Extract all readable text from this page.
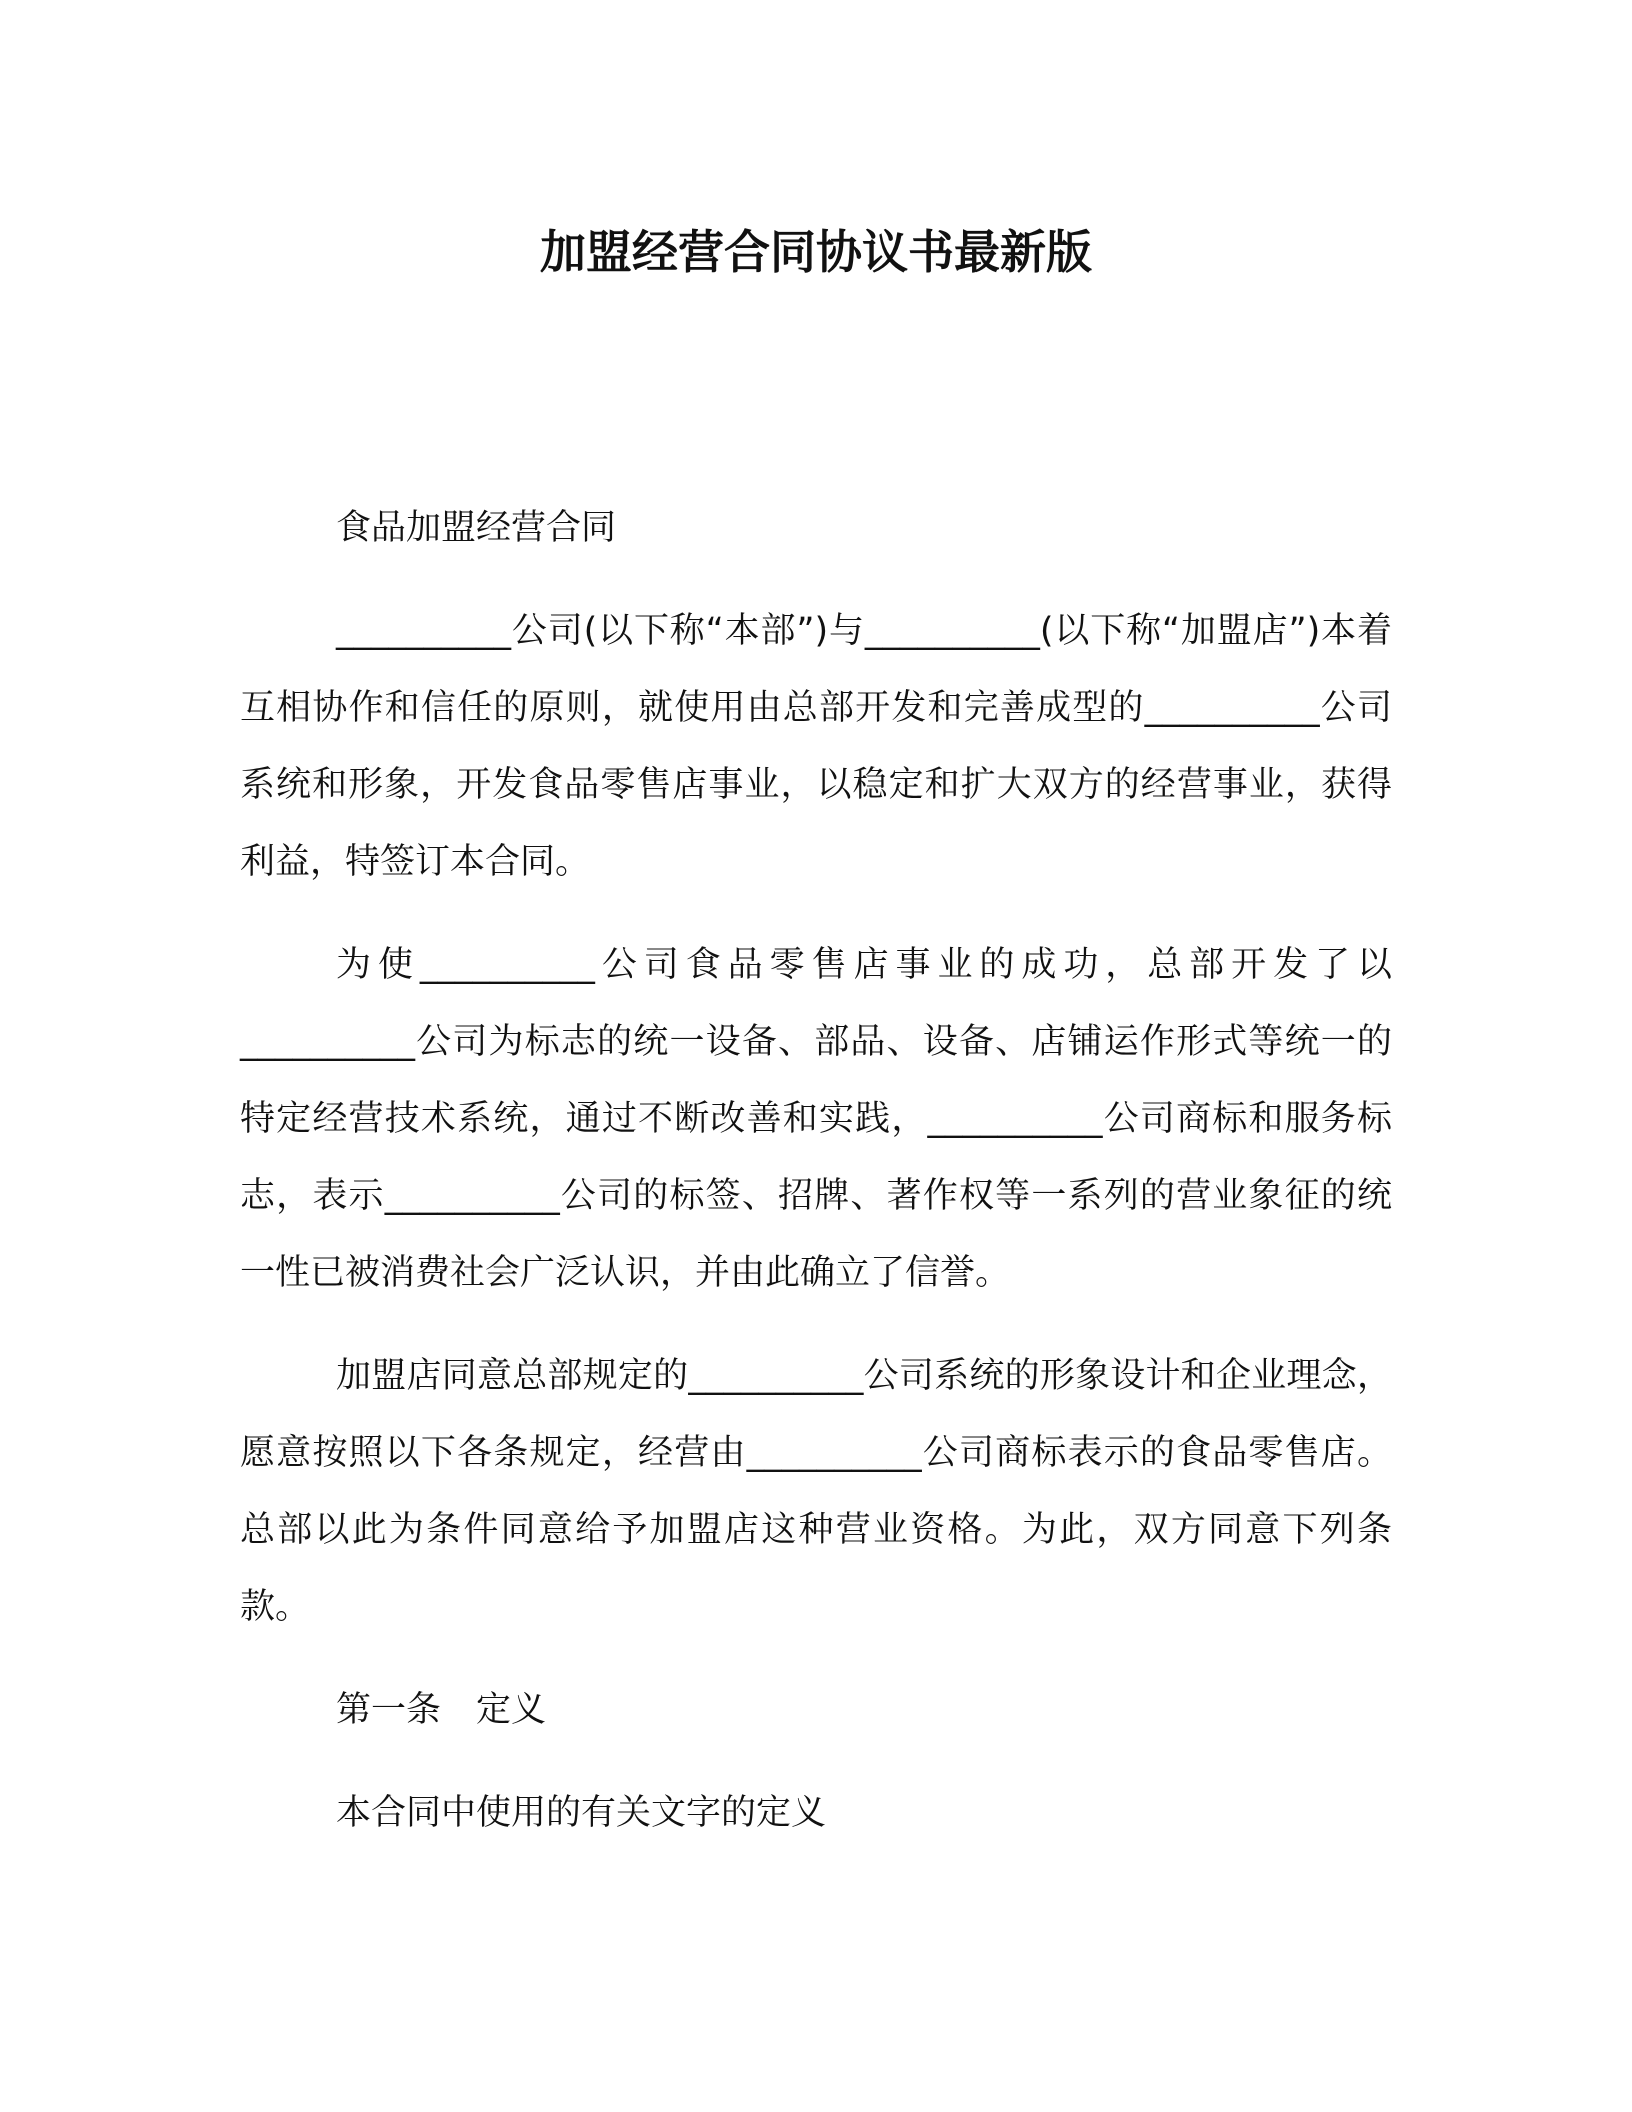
加盟经营合同协议书最新版

食品加盟经营合同

__________公司(以下称“本部”)与__________(以下称“加盟店”)本着互相协作和信任的原则，就使用由总部开发和完善成型的__________公司系统和形象，开发食品零售店事业，以稳定和扩大双方的经营事业，获得利益，特签订本合同。

为使__________公司食品零售店事业的成功，总部开发了以__________公司为标志的统一设备、部品、设备、店铺运作形式等统一的特定经营技术系统，通过不断改善和实践，__________公司商标和服务标志，表示__________公司的标签、招牌、著作权等一系列的营业象征的统一性已被消费社会广泛认识，并由此确立了信誉。

加盟店同意总部规定的__________公司系统的形象设计和企业理念，愿意按照以下各条规定，经营由__________公司商标表示的食品零售店。总部以此为条件同意给予加盟店这种营业资格。为此，双方同意下列条款。

第一条　定义

本合同中使用的有关文字的定义
